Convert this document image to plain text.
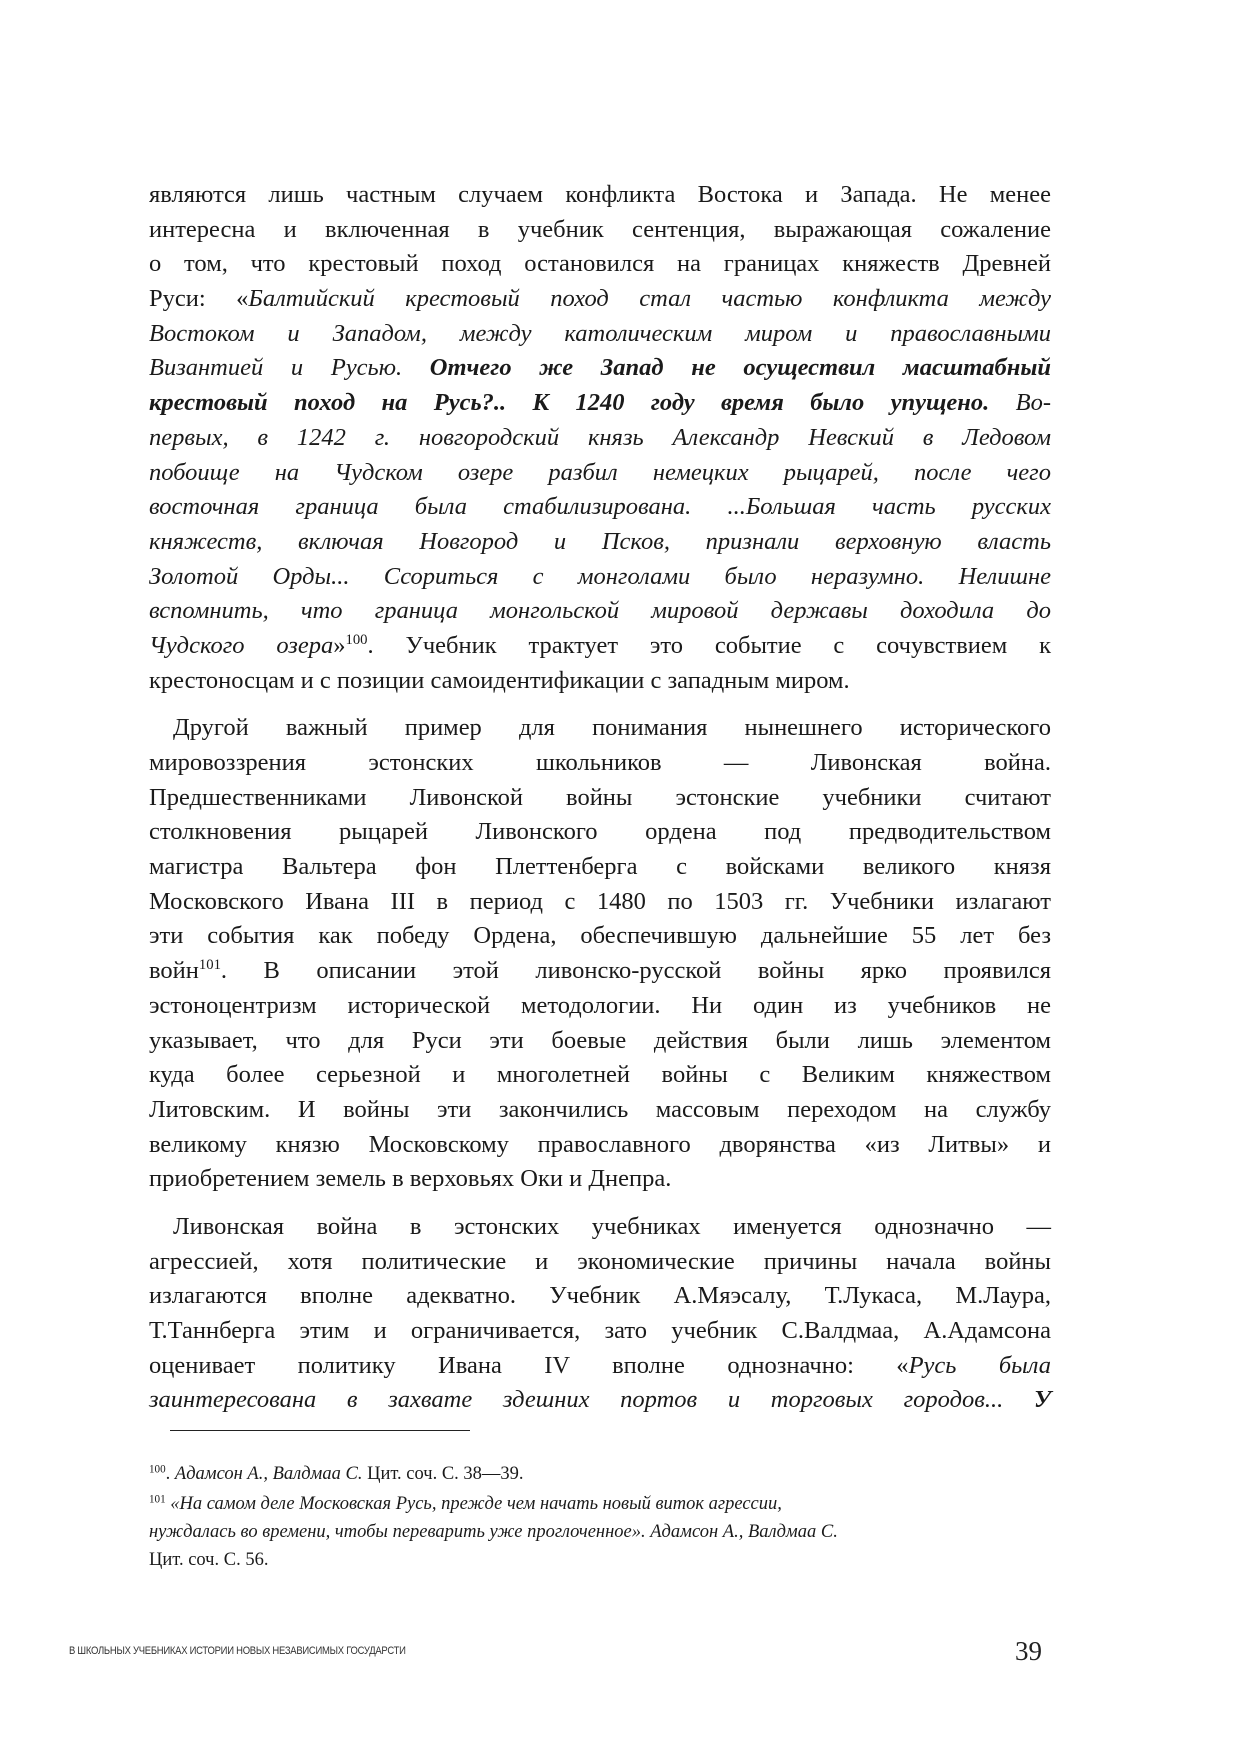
являются лишь частным случаем конфликта Востока и Запада. Не менее
интересна и включенная в учебник сентенция, выражающая сожаление
о том, что крестовый поход остановился на границах княжеств Древней
Руси: «Балтийский крестовый поход стал частью конфликта между
Востоком и Западом, между католическим миром и православными
Византией и Русью. Отчего же Запад не осуществил масштабный
крестовый поход на Русь?.. К 1240 году время было упущено. Во-
первых, в 1242 г. новгородский князь Александр Невский в Ледовом
побоище на Чудском озере разбил немецких рыцарей, после чего
восточная граница была стабилизирована. ...Большая часть русских
княжеств, включая Новгород и Псков, признали верховную власть
Золотой Орды... Ссориться с монголами было неразумно. Нелишне
вспомнить, что граница монгольской мировой державы доходила до
Чудского озера»$^{100}$. Учебник трактует это событие с сочувствием к
крестоносцам и с позиции самоидентификации с западным миром.
Другой важный пример для понимания нынешнего исторического
мировоззрения эстонских школьников — Ливонская война.
Предшественниками Ливонской войны эстонские учебники считают
столкновения рыцарей Ливонского ордена под предводительством
магистра Вальтера фон Плеттенберга с войсками великого князя
Московского Ивана III в период с 1480 по 1503 гг. Учебники излагают
эти события как победу Ордена, обеспечившую дальнейшие 55 лет без
войн$^{101}$. В описании этой ливонско-русской войны ярко проявился
эстоноцентризм исторической методологии. Ни один из учебников не
указывает, что для Руси эти боевые действия были лишь элементом
куда более серьезной и многолетней войны с Великим княжеством
Литовским. И войны эти закончились массовым переходом на службу
великому князю Московскому православного дворянства «из Литвы» и
приобретением земель в верховьях Оки и Днепра.
Ливонская война в эстонских учебниках именуется однозначно —
агрессией, хотя политические и экономические причины начала войны
излагаются вполне адекватно. Учебник А.Мяэсалу, Т.Лукаса, М.Лаура,
Т.Таннберга этим и ограничивается, зато учебник С.Валдмаа, А.Адамсона
оценивает политику Ивана IV вполне однозначно: «Русь была
заинтересована в захвате здешних портов и торговых городов... У
$^{100}$. Адамсон А., Валдмаа С. Цит. соч. С. 38—39.
$^{101}$ «На самом деле Московская Русь, прежде чем начать новый виток агрессии,
нуждалась во времени, чтобы переварить уже проглоченное». Адамсон А., Валдмаа С.
Цит. соч. С. 56.
В ШКОЛЬНЫХ УЧЕБНИКАХ ИСТОРИИ НОВЫХ НЕЗАВИСИМЫХ ГОСУДАРСТИ	39
